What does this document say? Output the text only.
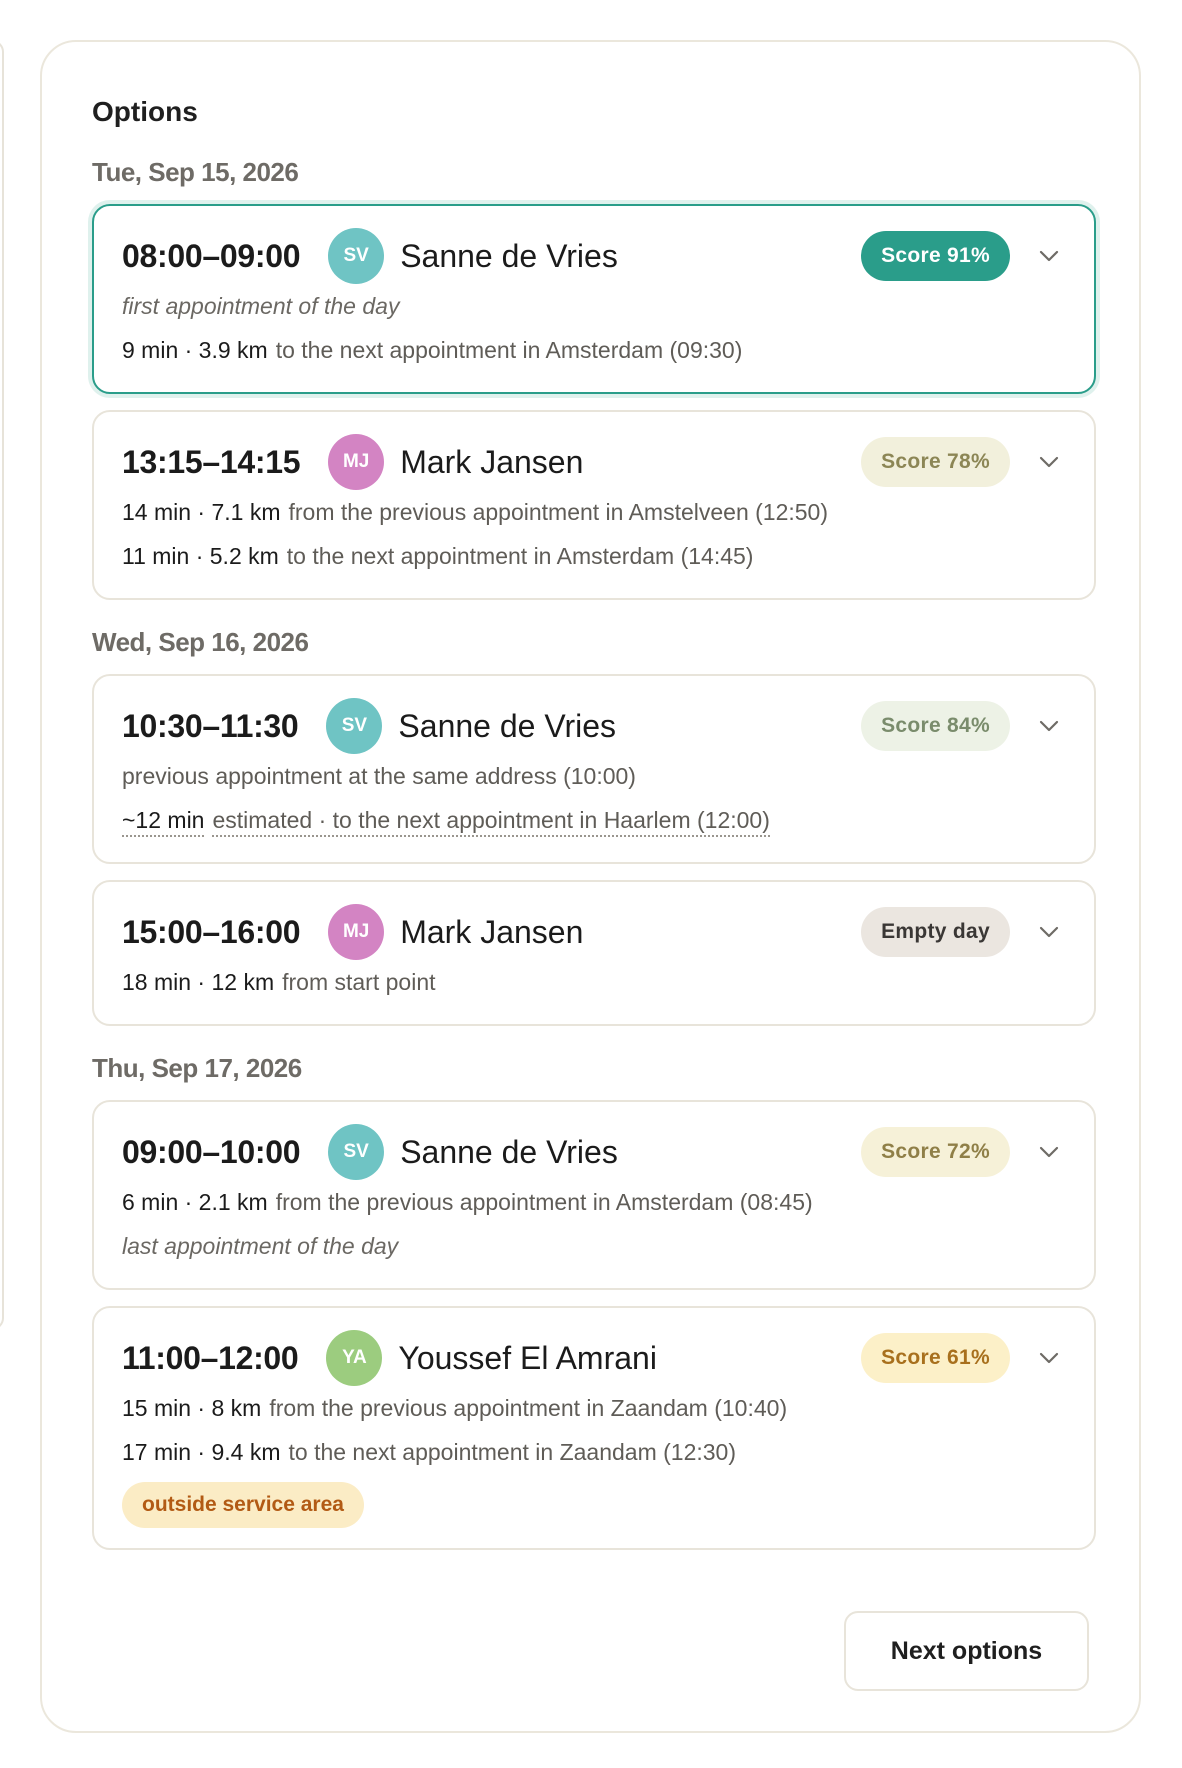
Options
Tue, Sep 15, 2026
08:00–09:00	SV Sanne de Vries	Score 91%
first appointment of the day
9 min · 3.9 km to the next appointment in Amsterdam (09:30)
13:15–14:15	MJ Mark Jansen	Score 78%
14 min · 7.1 km from the previous appointment in Amstelveen (12:50)
11 min · 5.2 km to the next appointment in Amsterdam (14:45)
Wed, Sep 16, 2026
10:30–11:30	SV Sanne de Vries	Score 84%
previous appointment at the same address (10:00)
~12 min estimated · to the next appointment in Haarlem (12:00)
15:00–16:00	MJ Mark Jansen	Empty day
18 min · 12 km from start point
Thu, Sep 17, 2026
09:00–10:00	SV Sanne de Vries	Score 72%
6 min · 2.1 km from the previous appointment in Amsterdam (08:45)
last appointment of the day
11:00–12:00	YA Youssef El Amrani	Score 61%
15 min · 8 km from the previous appointment in Zaandam (10:40)
17 min · 9.4 km to the next appointment in Zaandam (12:30)
outside service area
Next options
